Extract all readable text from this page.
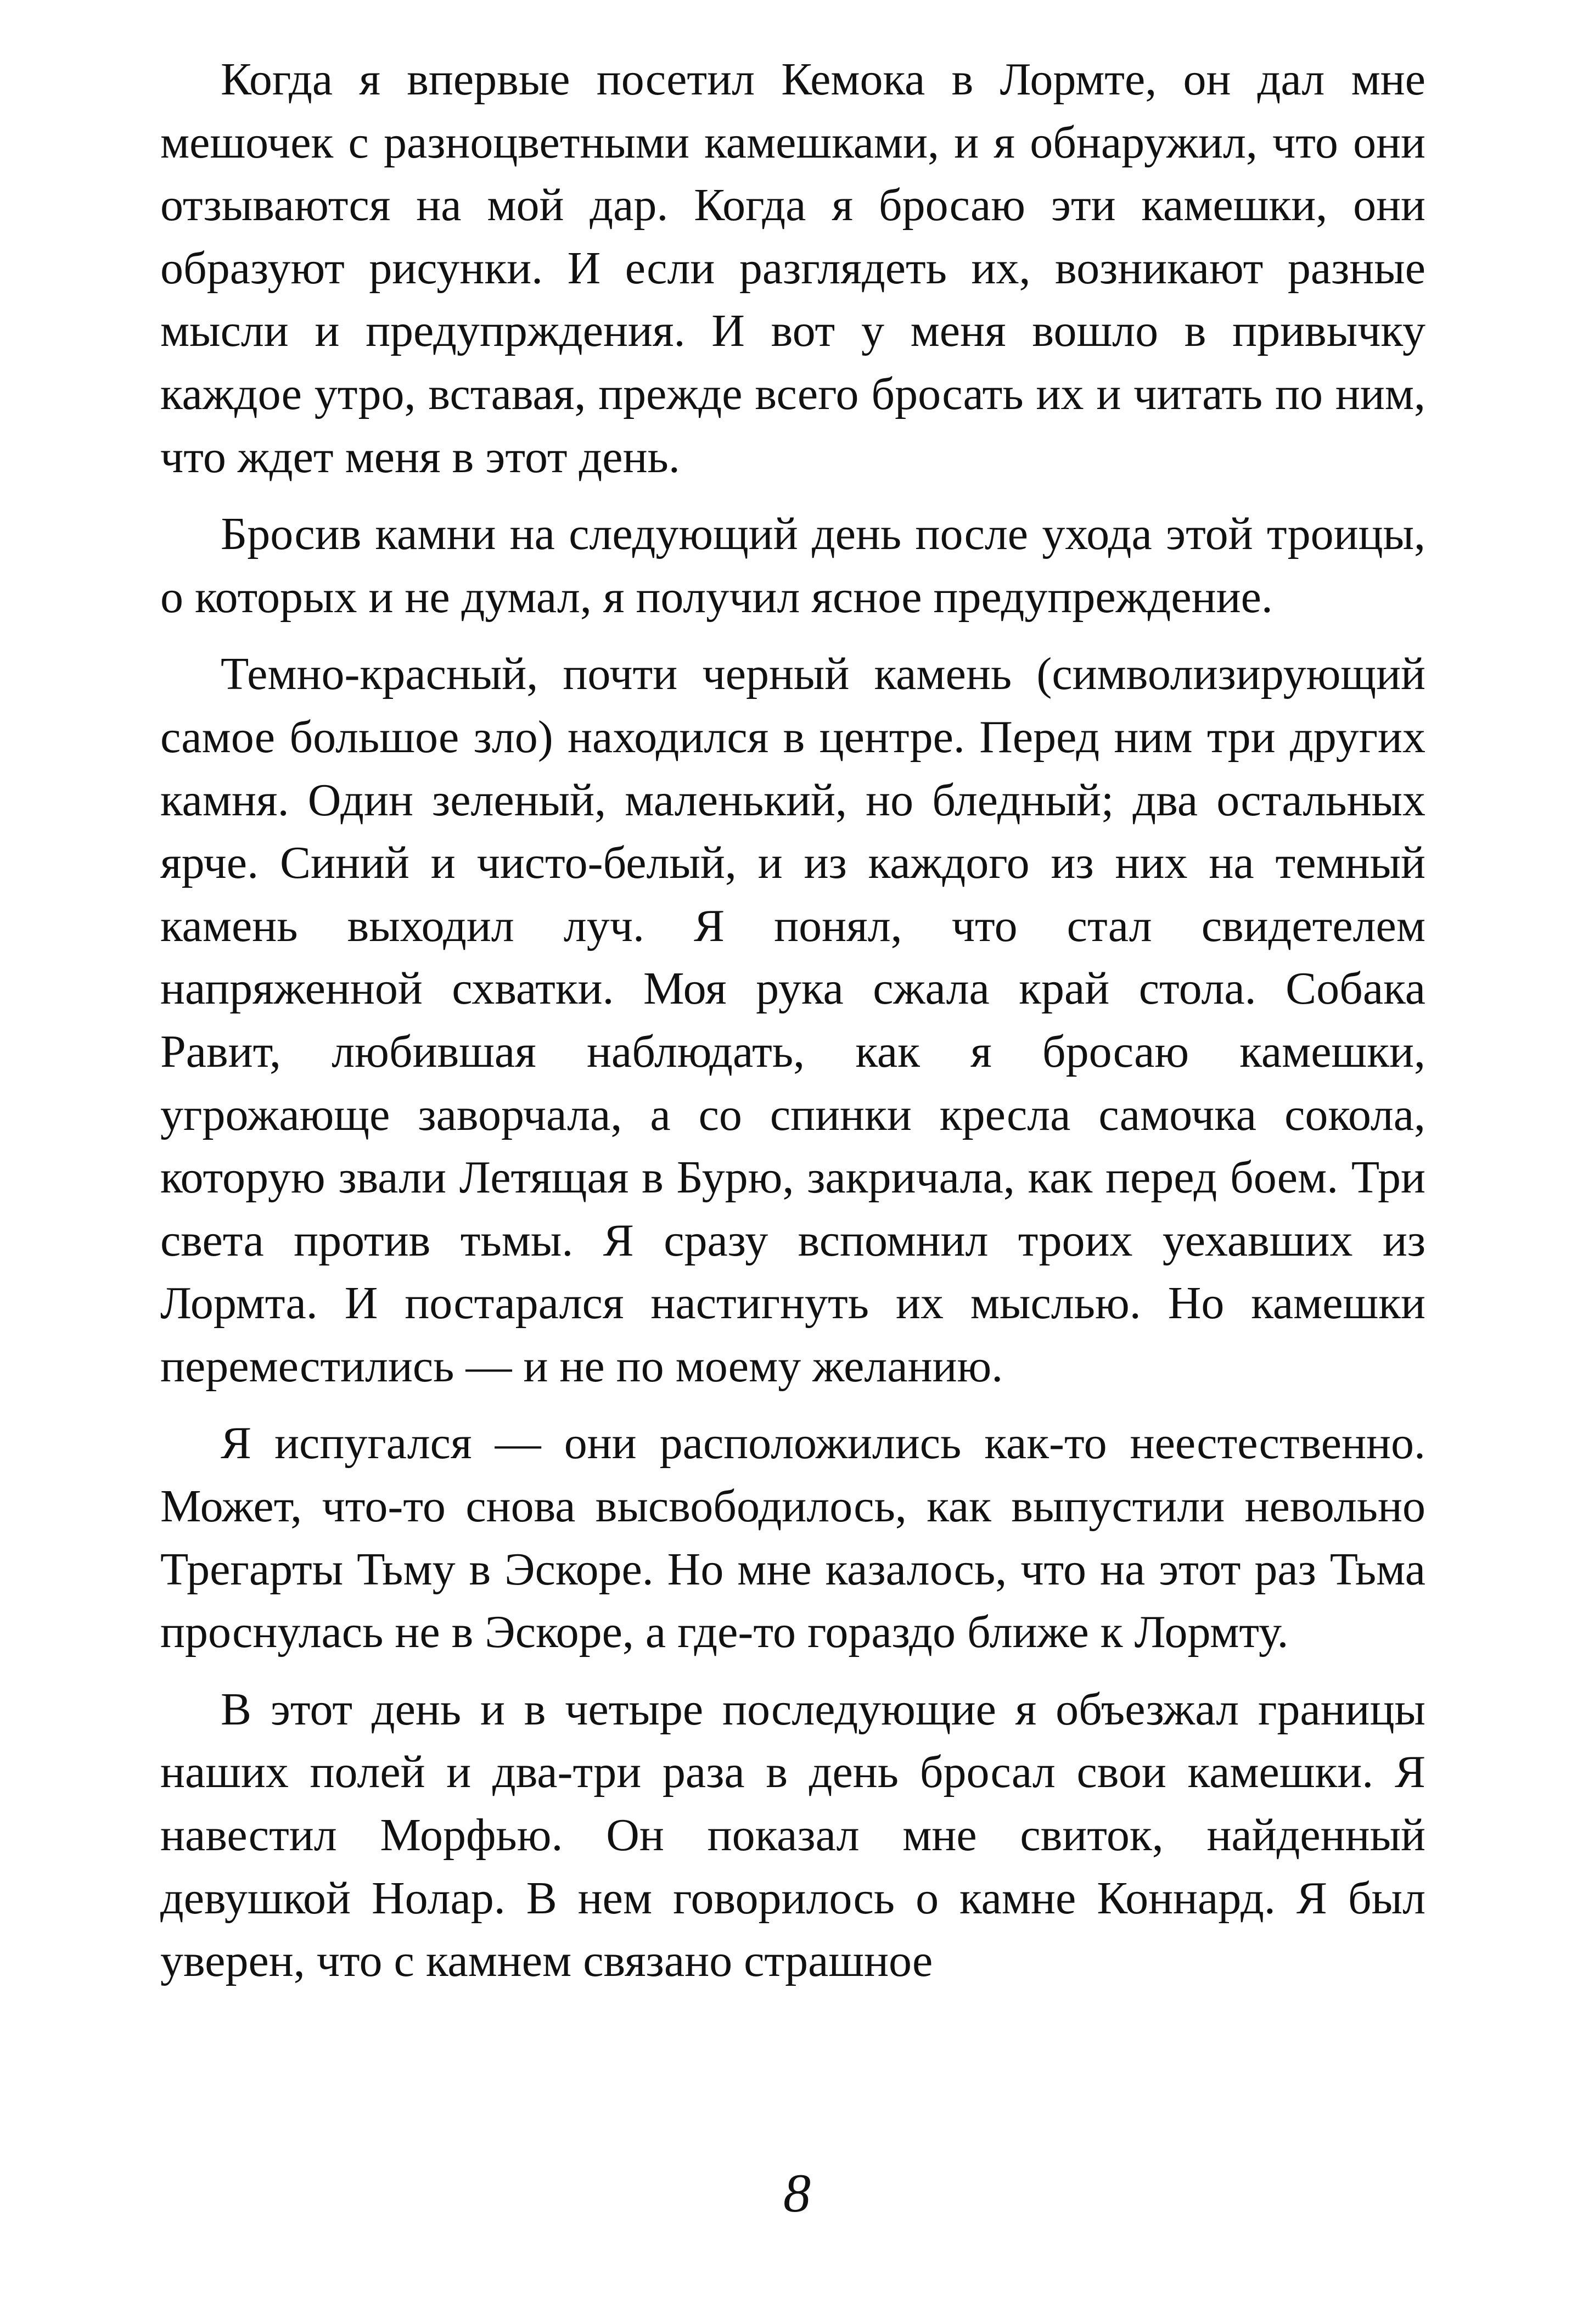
Когда я впервые посетил Кемока в Лормте, он дал мне мешочек с разноцветными камешками, и я обнаружил, что они отзываются на мой дар. Когда я бросаю эти камешки, они образуют рисунки. И если разглядеть их, возникают разные мысли и предупрждения. И вот у меня вошло в привычку каждое утро, вставая, прежде всего бросать их и читать по ним, что ждет меня в этот день.

Бросив камни на следующий день после ухода этой троицы, о которых и не думал, я получил ясное предупреждение.

Темно-красный, почти черный камень (символизирующий самое большое зло) находился в центре. Перед ним три других камня. Один зеленый, маленький, но бледный; два остальных ярче. Синий и чисто-белый, и из каждого из них на темный камень выходил луч. Я понял, что стал свидетелем напряженной схватки. Моя рука сжала край стола. Собака Равит, любившая наблюдать, как я бросаю камешки, угрожающе заворчала, а со спинки кресла самочка сокола, которую звали Летящая в Бурю, закричала, как перед боем. Три света против тьмы. Я сразу вспомнил троих уехавших из Лормта. И постарался настигнуть их мыслью. Но камешки переместились — и не по моему желанию.

Я испугался — они расположились как-то неестественно. Может, что-то снова высвободилось, как выпустили невольно Трегарты Тьму в Эскоре. Но мне казалось, что на этот раз Тьма проснулась не в Эскоре, а где-то гораздо ближе к Лормту.

В этот день и в четыре последующие я объезжал границы наших полей и два-три раза в день бросал свои камешки. Я навестил Морфью. Он показал мне свиток, найденный девушкой Нолар. В нем говорилось о камне Коннард. Я был уверен, что с камнем связано страшное

8
